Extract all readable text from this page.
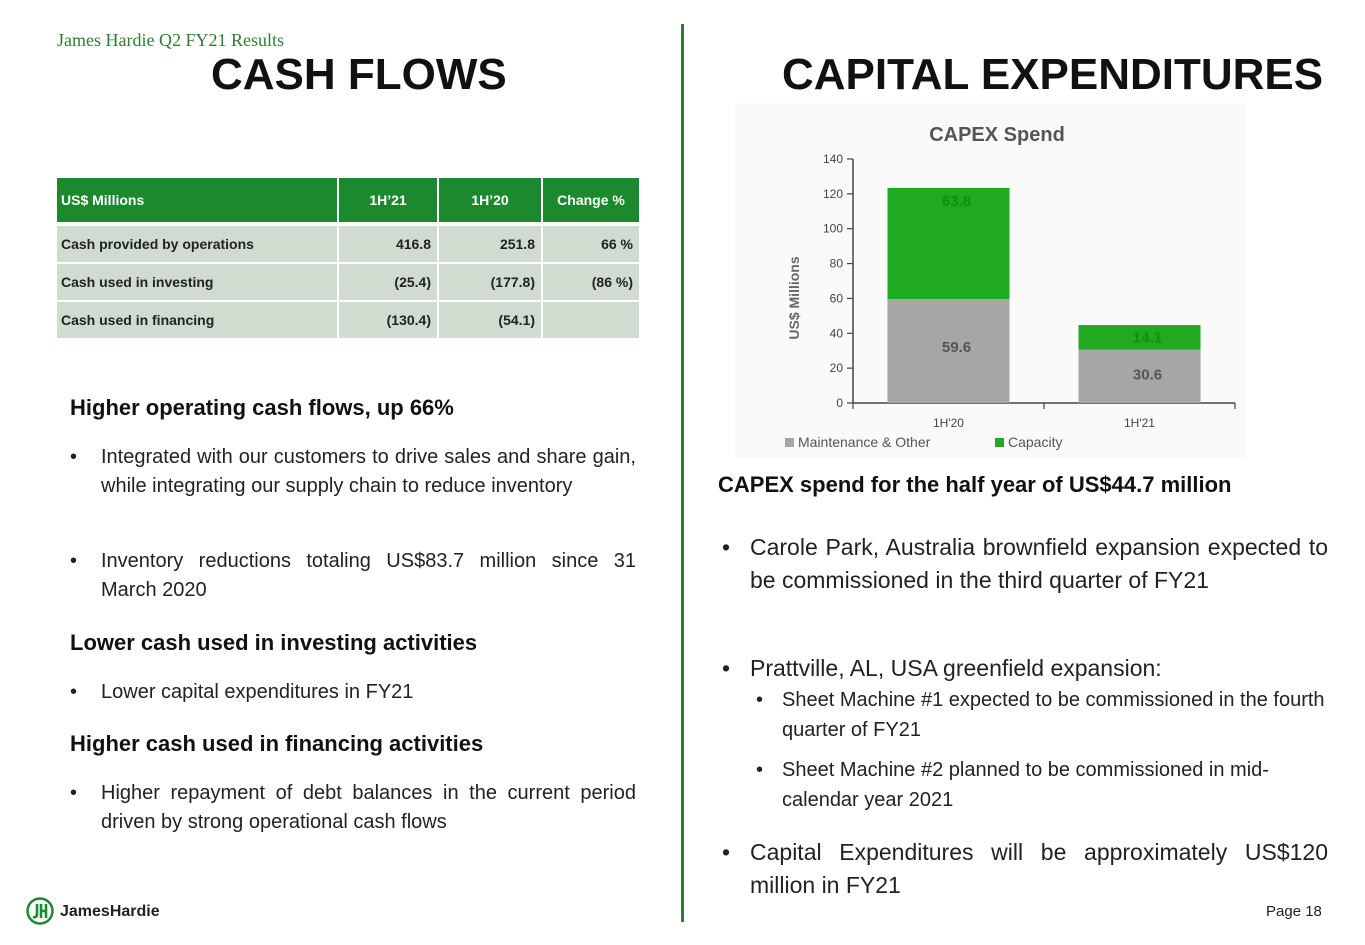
James Hardie Q2 FY21 Results
CASH FLOWS	CAPITAL EXPENDITURES
US$ Millions	1H’21	1H’20	Change %

Cash provided by operations	416.8	251.8	66 %
Cash used in investing	(25.4)	(177.8)	(86 %)
Cash used in financing	(130.4)	(54.1)	
Higher operating cash flows, up 66%
• Integrated with our customers to drive sales and share gain, while integrating our supply chain to reduce inventory
• Inventory reductions totaling US$83.7 million since 31 March 2020
Lower cash used in investing activities
• Lower capital expenditures in FY21
Higher cash used in financing activities
• Higher repayment of debt balances in the current period driven by strong operational cash flows
CAPEX Spend
US$ Millions
0
20
40
60
80
100
120
140
59.6
63.8
1H'20
30.6
14.1
1H'21
Maintenance & Other	Capacity
CAPEX spend for the half year of US$44.7 million
• Carole Park, Australia brownfield expansion expected to be commissioned in the third quarter of FY21
• Prattville, AL, USA greenfield expansion:
• Sheet Machine #1 expected to be commissioned in the fourth quarter of FY21
• Sheet Machine #2 planned to be commissioned in mid-calendar year 2021
• Capital Expenditures will be approximately US$120 million in FY21
JamesHardie	Page 18
